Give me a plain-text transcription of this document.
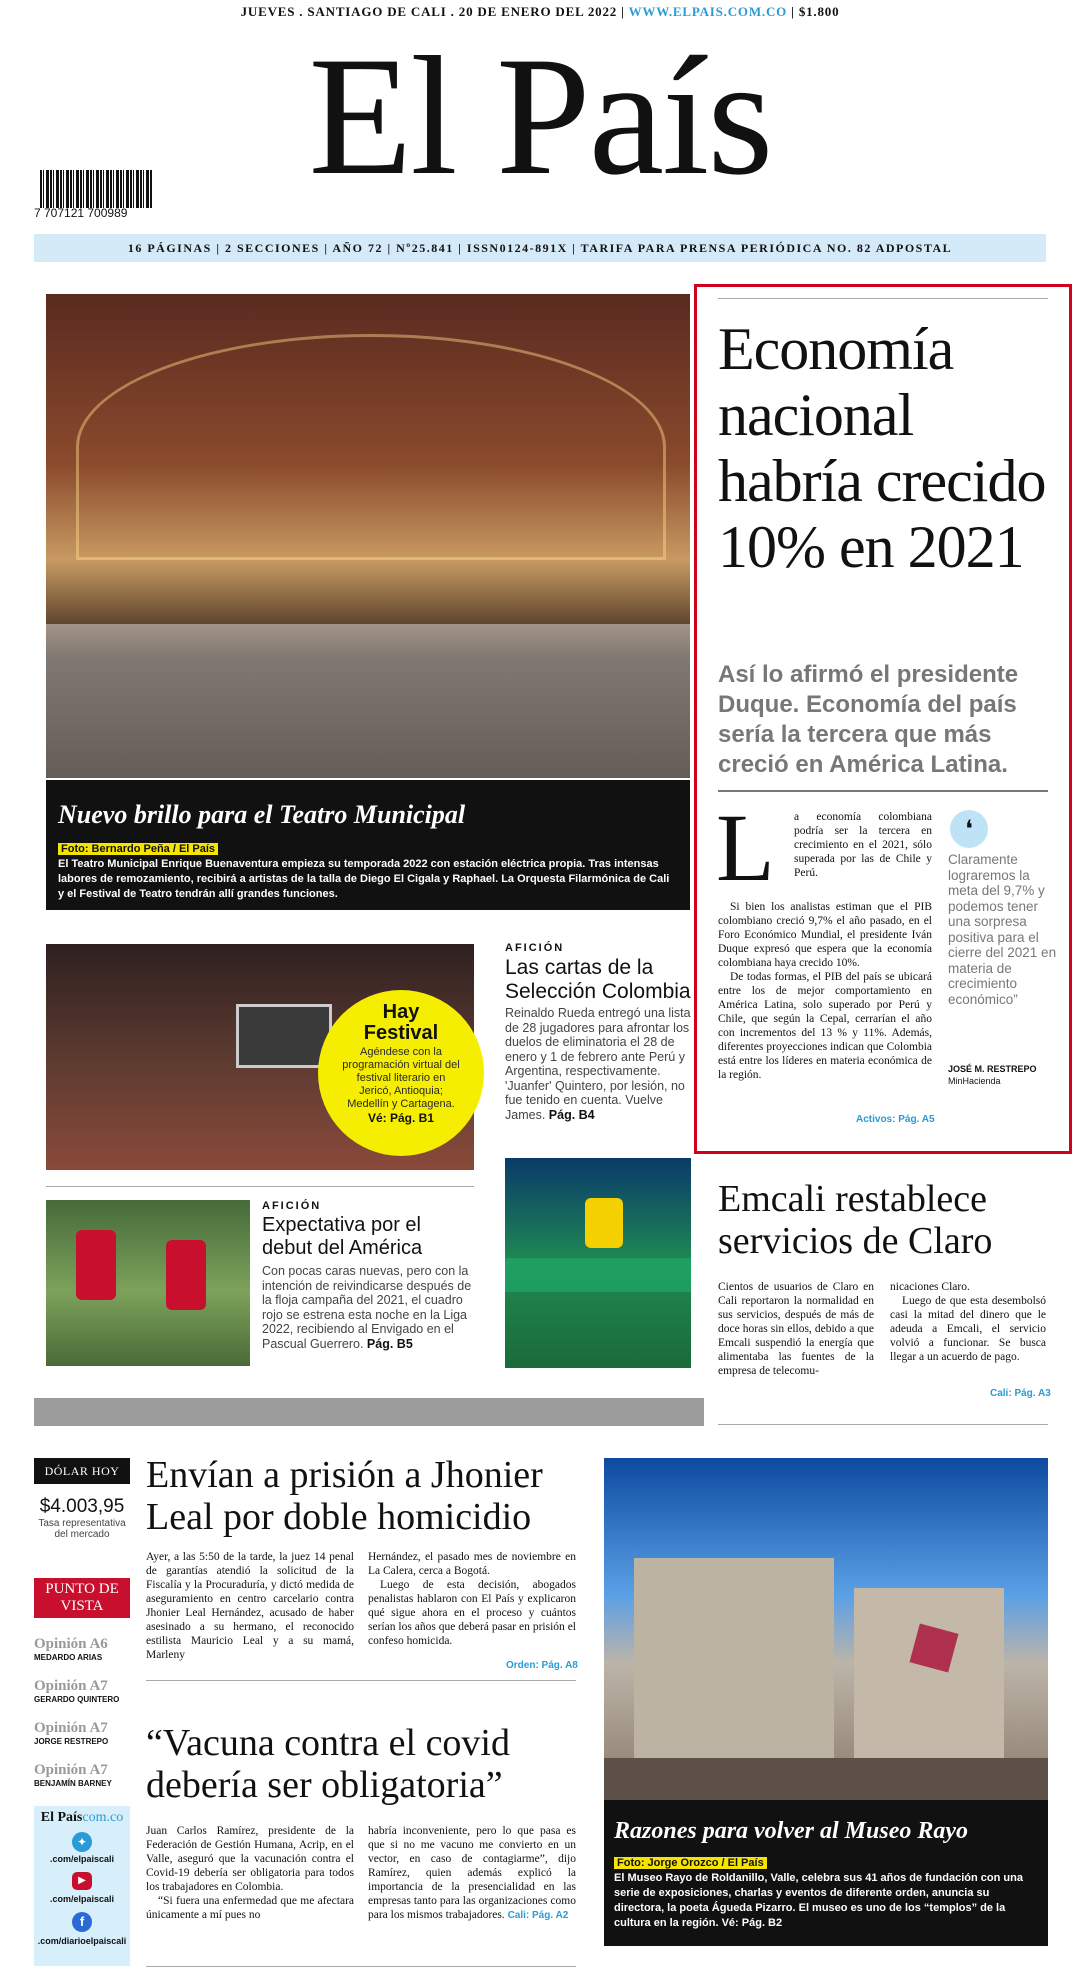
JUEVES . SANTIAGO DE CALI . 20 DE ENERO DEL 2022 | WWW.ELPAIS.COM.CO | $1.800
7 707121 700989
El País
16 PÁGINAS | 2 SECCIONES | AÑO 72 | Nº25.841 | ISSN0124-891X | TARIFA PARA PRENSA PERIÓDICA NO. 82 ADPOSTAL
Nuevo brillo para el Teatro Municipal
Foto: Bernardo Peña / El País
El Teatro Municipal Enrique Buenaventura empieza su temporada 2022 con estación eléctrica propia. Tras intensas labores de remozamiento, recibirá a artistas de la talla de Diego El Cigala y Raphael. La Orquesta Filarmónica de Cali y el Festival de Teatro tendrán allí grandes funciones.
Hay Festival
Agéndese con la programación virtual del festival literario en Jericó, Antioquia; Medellín y Cartagena.
Vé: Pág. B1
AFICIÓN
Las cartas de la Selección Colombia
Reinaldo Rueda entregó una lista de 28 jugadores para afrontar los duelos de eliminatoria el 28 de enero y 1 de febrero ante Perú y Argentina, respectivamente. 'Juanfer' Quintero, por lesión, no fue tenido en cuenta. Vuelve James. Pág. B4
AFICIÓN
Expectativa por el debut del América
Con pocas caras nuevas, pero con la intención de reivindicarse después de la floja campaña del 2021, el cuadro rojo se estrena esta noche en la Liga 2022, recibiendo al Envigado en el Pascual Guerrero. Pág. B5
Economía nacional habría crecido 10% en 2021
Así lo afirmó el presidente Duque. Economía del país sería la tercera que más creció en América Latina.
L a economía colombiana podría ser la tercera en crecimiento en el 2021, sólo superada por las de Chile y Perú.
Si bien los analistas estiman que el PIB colombiano creció 9,7% el año pasado, en el Foro Económico Mundial, el presidente Iván Duque expresó que espera que la economía colombiana haya crecido 10%.
De todas formas, el PIB del país se ubicará entre los de mejor comportamiento en América Latina, solo superado por Perú y Chile, que según la Cepal, cerrarían el año con incrementos del 13 % y 11%. Además, diferentes proyecciones indican que Colombia está entre los líderes en materia económica de la región.
❛
Claramente lograremos la meta del 9,7% y podemos tener una sorpresa positiva para el cierre del 2021 en materia de crecimiento económico”
JOSÉ M. RESTREPO
MinHacienda
Activos: Pág. A5
Emcali restablece servicios de Claro
Cientos de usuarios de Claro en Cali reportaron la normalidad en sus servicios, después de más de doce horas sin ellos, debido a que Emcali suspendió la energía que alimentaba las fuentes de la empresa de telecomu-
nicaciones Claro.
Luego de que esta desembolsó casi la mitad del dinero que le adeuda a Emcali, el servicio volvió a funcionar. Se busca llegar a un acuerdo de pago.
Cali: Pág. A3
DÓLAR HOY
$4.003,95
Tasa representativa del mercado
PUNTO DE VISTA
Opinión A6
MEDARDO ARIAS
Opinión A7
GERARDO QUINTERO
Opinión A7
JORGE RESTREPO
Opinión A7
BENJAMÍN BARNEY
El Paíscom.co
✦
.com/elpaiscali
▶
.com/elpaiscali
f
.com/diarioelpaiscali
Envían a prisión a Jhonier Leal por doble homicidio
Ayer, a las 5:50 de la tarde, la juez 14 penal de garantías atendió la solicitud de la Fiscalía y la Procuraduría, y dictó medida de aseguramiento en centro carcelario contra Jhonier Leal Hernández, acusado de haber asesinado a su hermano, el reconocido estilista Mauricio Leal y a su mamá, Marleny
Hernández, el pasado mes de noviembre en La Calera, cerca a Bogotá.
Luego de esta decisión, abogados penalistas hablaron con El País y explicaron qué sigue ahora en el proceso y cuántos serían los años que deberá pasar en prisión el confeso homicida.
Orden: Pág. A8
“Vacuna contra el covid debería ser obligatoria”
Juan Carlos Ramírez, presidente de la Federación de Gestión Humana, Acrip, en el Valle, aseguró que la vacunación contra el Covid-19 debería ser obligatoria para todos los trabajadores en Colombia.
“Si fuera una enfermedad que me afectara únicamente a mí pues no
habría inconveniente, pero lo que pasa es que si no me vacuno me convierto en un vector, en caso de contagiarme”, dijo Ramírez, quien además explicó la importancia de la presencialidad en las empresas tanto para las organizaciones como para los mismos trabajadores. Cali: Pág. A2
Razones para volver al Museo Rayo
Foto: Jorge Orozco / El País
El Museo Rayo de Roldanillo, Valle, celebra sus 41 años de fundación con una serie de exposiciones, charlas y eventos de diferente orden, anuncia su directora, la poeta Águeda Pizarro. El museo es uno de los “templos” de la cultura en la región. Vé: Pág. B2
